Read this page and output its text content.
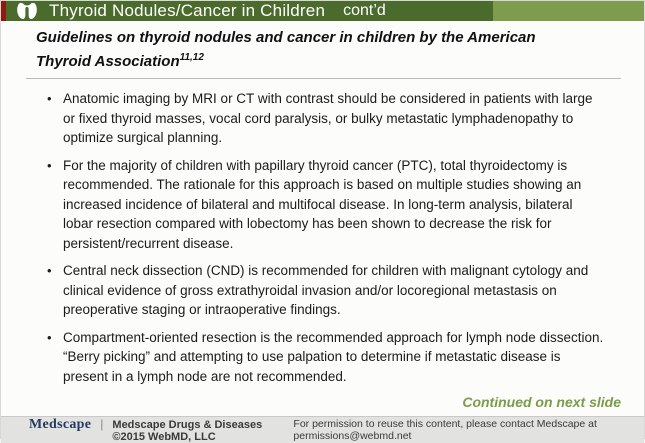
Thyroid Nodules/Cancer in Children cont’d
Guidelines on thyroid nodules and cancer in children by the American Thyroid Association$^{11,12}$
• Anatomic imaging by MRI or CT with contrast should be considered in patients with large or fixed thyroid masses, vocal cord paralysis, or bulky metastatic lymphadenopathy to optimize surgical planning.
• For the majority of children with papillary thyroid cancer (PTC), total thyroidectomy is recommended. The rationale for this approach is based on multiple studies showing an increased incidence of bilateral and multifocal disease. In long-term analysis, bilateral lobar resection compared with lobectomy has been shown to decrease the risk for persistent/recurrent disease.
• Central neck dissection (CND) is recommended for children with malignant cytology and clinical evidence of gross extrathyroidal invasion and/or locoregional metastasis on preoperative staging or intraoperative findings.
• Compartment-oriented resection is the recommended approach for lymph node dissection. “Berry picking” and attempting to use palpation to determine if metastatic disease is present in a lymph node are not recommended.
Continued on next slide
Medscape | Medscape Drugs & Diseases ©2015 WebMD, LLC
For permission to reuse this content, please contact Medscape at permissions@webmd.net
